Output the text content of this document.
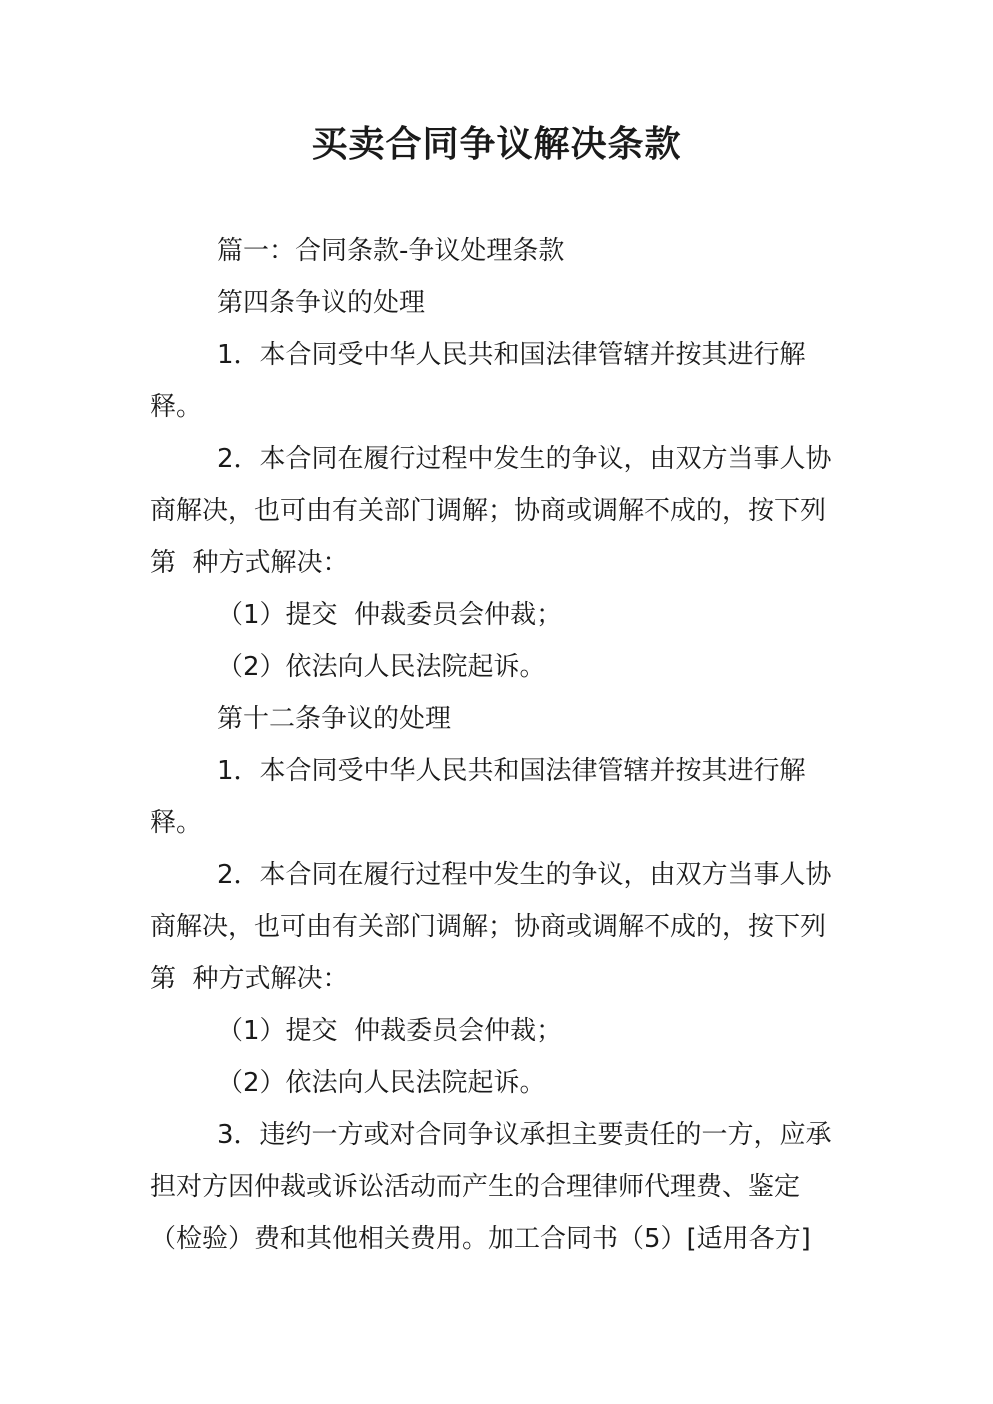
买卖合同争议解决条款

篇一：合同条款-争议处理条款

第四条争议的处理

1．本合同受中华人民共和国法律管辖并按其进行解释。

2．本合同在履行过程中发生的争议，由双方当事人协商解决，也可由有关部门调解；协商或调解不成的，按下列第  种方式解决：

（1）提交  仲裁委员会仲裁；

（2）依法向人民法院起诉。

第十二条争议的处理

1．本合同受中华人民共和国法律管辖并按其进行解释。

2．本合同在履行过程中发生的争议，由双方当事人协商解决，也可由有关部门调解；协商或调解不成的，按下列第  种方式解决：

（1）提交  仲裁委员会仲裁；

（2）依法向人民法院起诉。

3．违约一方或对合同争议承担主要责任的一方，应承担对方因仲裁或诉讼活动而产生的合理律师代理费、鉴定（检验）费和其他相关费用。加工合同书（5）[适用各方]
